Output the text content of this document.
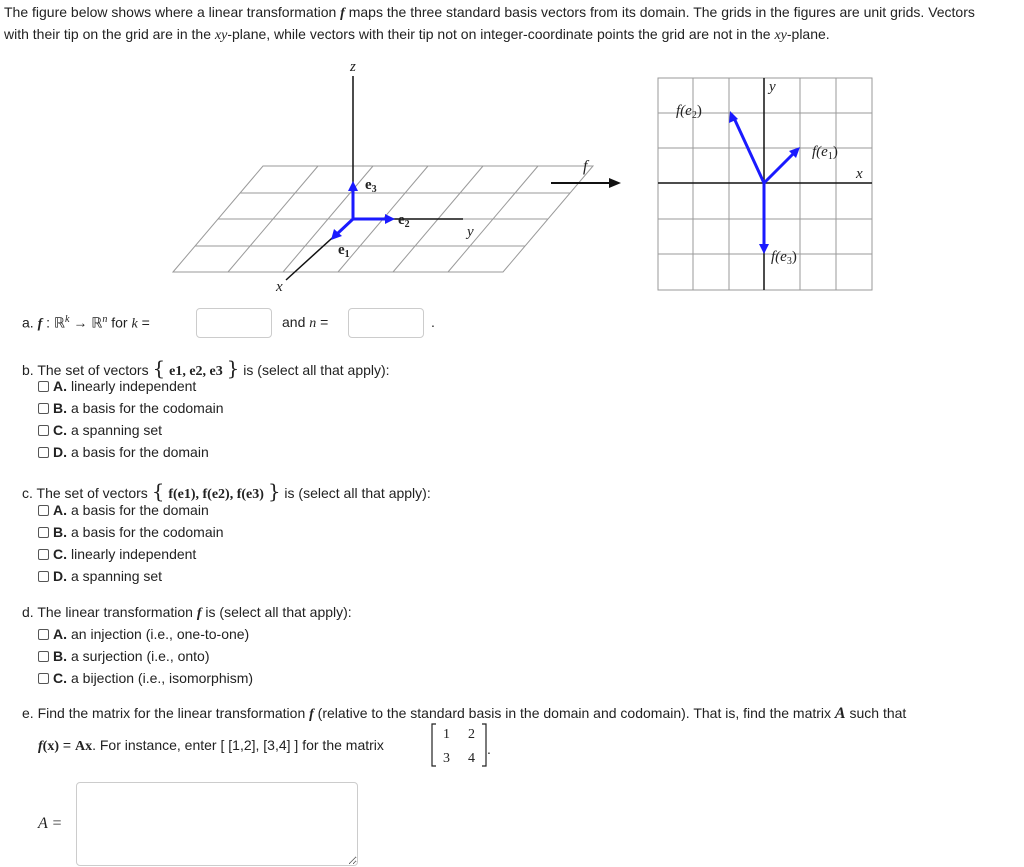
The figure below shows where a linear transformation f maps the three standard basis vectors from its domain. The grids in the figures are unit grids. Vectors
with their tip on the grid are in the xy-plane, while vectors with their tip not on integer-coordinate points the grid are not in the xy-plane.
z
x
y
$e_3$
$e_2$
$e_1$
f
y
x
$f(e_2)$
$f(e_1)$
$f(e_3)$
a. f : ℝ$^k$ → ℝ$^n$ for k =	and n =	.
b. The set of vectors { e1, e2, e3 } is (select all that apply):
A. linearly independent
B. a basis for the codomain
C. a spanning set
D. a basis for the domain
c. The set of vectors { f(e1), f(e2), f(e3) } is (select all that apply):
A. a basis for the domain
B. a basis for the codomain
C. linearly independent
D. a spanning set
d. The linear transformation f is (select all that apply):
A. an injection (i.e., one-to-one)
B. a surjection (i.e., onto)
C. a bijection (i.e., isomorphism)
e. Find the matrix for the linear transformation f (relative to the standard basis in the domain and codomain). That is, find the matrix A such that
f(x) = Ax. For instance, enter [ [1,2], [3,4] ] for the matrix
1 2
3 4
.
A =
